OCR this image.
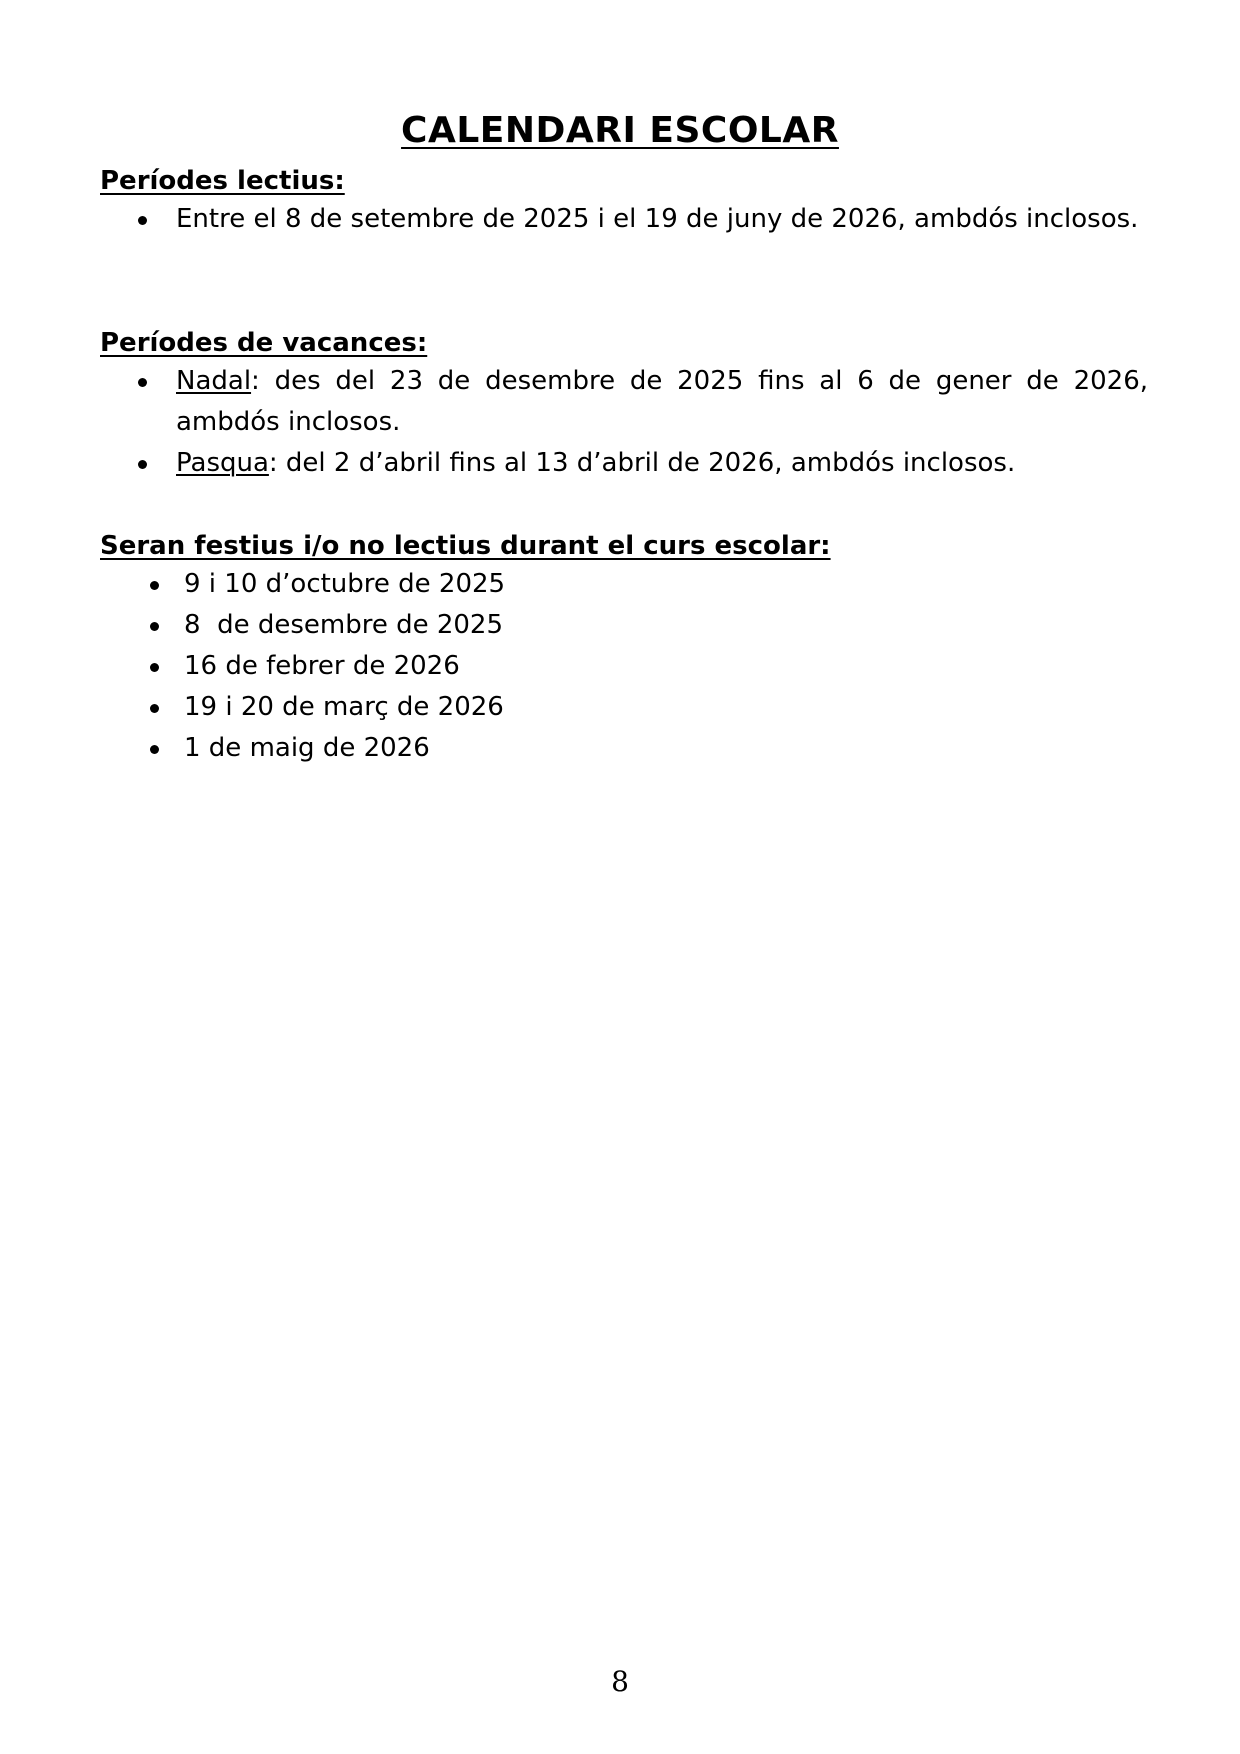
CALENDARI ESCOLAR
Períodes lectius:
Entre el 8 de setembre de 2025 i el 19 de juny de 2026, ambdós inclosos.
Períodes de vacances:
Nadal: des del 23 de desembre de 2025 fins al 6 de gener de 2026, ambdós inclosos.
Pasqua: del 2 d’abril fins al 13 d’abril de 2026, ambdós inclosos.
Seran festius i/o no lectius durant el curs escolar:
9 i 10 d’octubre de 2025
8  de desembre de 2025
16 de febrer de 2026
19 i 20 de març de 2026
1 de maig de 2026
8
